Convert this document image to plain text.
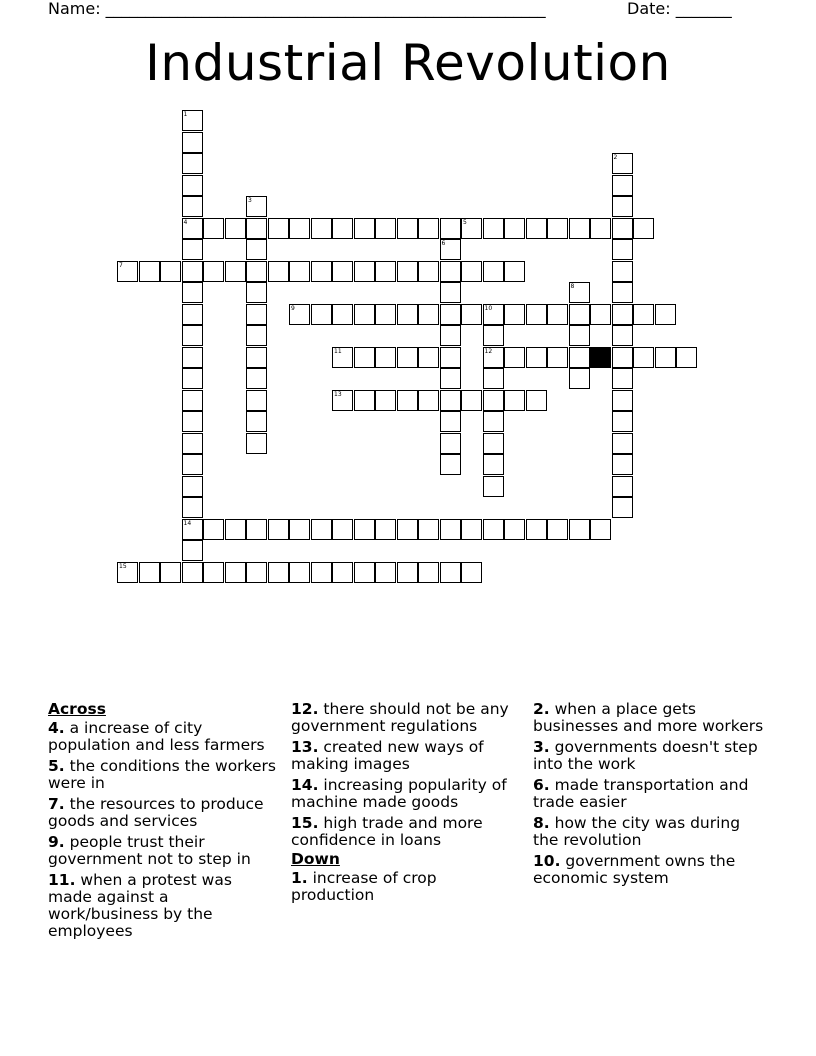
Name: _______________________________________________________	Date: _______
Industrial Revolution
1
4
14
2
3
5
6
7
8
9	10
12
11
13
15
Across
4. a increase of city population and less farmers
5. the conditions the workers were in
7. the resources to produce goods and services
9. people trust their government not to step in
11. when a protest was made against a work/business by the employees
12. there should not be any government regulations
13. created new ways of making images
14. increasing popularity of machine made goods
15. high trade and more confidence in loans
Down
1. increase of crop production
2. when a place gets businesses and more workers
3. governments doesn't step into the work
6. made transportation and trade easier
8. how the city was during the revolution
10. government owns the economic system
